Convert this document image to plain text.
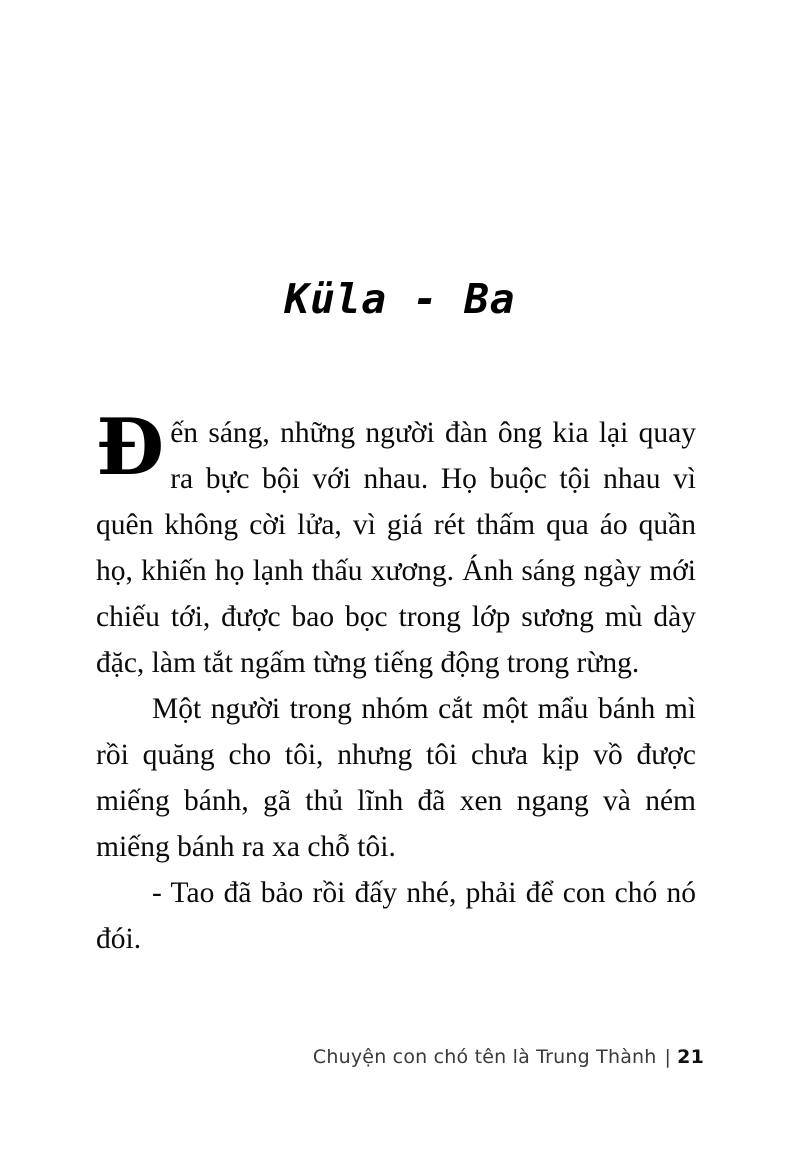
Küla - Ba

Đến sáng, những người đàn ông kia lại quay ra bực bội với nhau. Họ buộc tội nhau vì quên không cời lửa, vì giá rét thấm qua áo quần họ, khiến họ lạnh thấu xương. Ánh sáng ngày mới chiếu tới, được bao bọc trong lớp sương mù dày đặc, làm tắt ngấm từng tiếng động trong rừng.

Một người trong nhóm cắt một mẩu bánh mì rồi quăng cho tôi, nhưng tôi chưa kịp vồ được miếng bánh, gã thủ lĩnh đã xen ngang và ném miếng bánh ra xa chỗ tôi.

- Tao đã bảo rồi đấy nhé, phải để con chó nó đói.

Chuyện con chó tên là Trung Thành | 21
